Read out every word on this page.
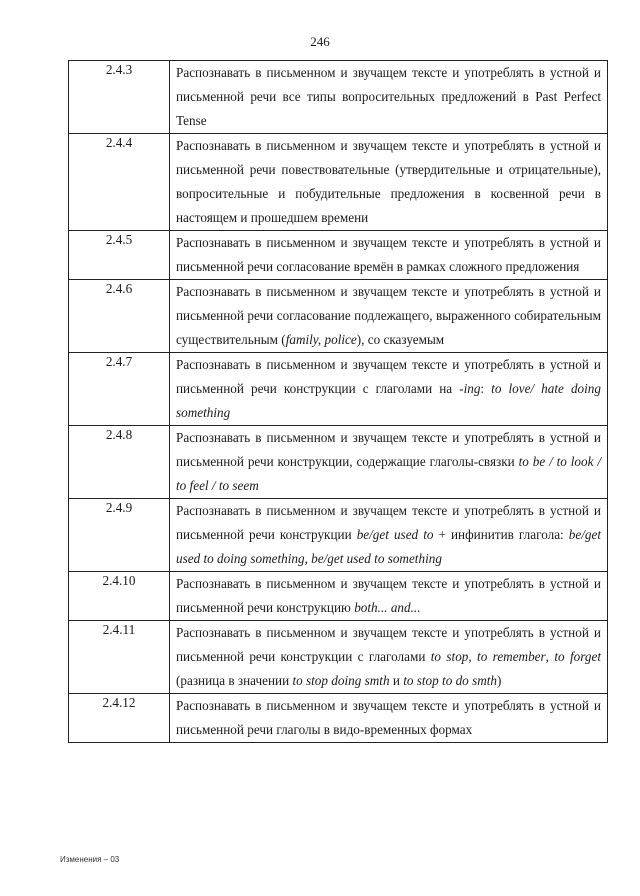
246
2.4.3	Распознавать в письменном и звучащем тексте и употреблять в устной и письменной речи все типы вопросительных предложений в Past Perfect Tense
2.4.4	Распознавать в письменном и звучащем тексте и употреблять в устной и письменной речи повествовательные (утвердительные и отрицательные), вопросительные и побудительные предложения в косвенной речи в настоящем и прошедшем времени
2.4.5	Распознавать в письменном и звучащем тексте и употреблять в устной и письменной речи согласование времён в рамках сложного предложения
2.4.6	Распознавать в письменном и звучащем тексте и употреблять в устной и письменной речи согласование подлежащего, выраженного собирательным существительным (family, police), со сказуемым
2.4.7	Распознавать в письменном и звучащем тексте и употреблять в устной и письменной речи конструкции с глаголами на -ing: to love/ hate doing something
2.4.8	Распознавать в письменном и звучащем тексте и употреблять в устной и письменной речи конструкции, содержащие глаголы-связки to be / to look / to feel / to seem
2.4.9	Распознавать в письменном и звучащем тексте и употреблять в устной и письменной речи конструкции be/get used to + инфинитив глагола: be/get used to doing something, be/get used to something
2.4.10	Распознавать в письменном и звучащем тексте и употреблять в устной и письменной речи конструкцию both... and...
2.4.11	Распознавать в письменном и звучащем тексте и употреблять в устной и письменной речи конструкции с глаголами to stop, to remember, to forget (разница в значении to stop doing smth и to stop to do smth)
2.4.12	Распознавать в письменном и звучащем тексте и употреблять в устной и письменной речи глаголы в видо-временных формах
Изменения – 03
